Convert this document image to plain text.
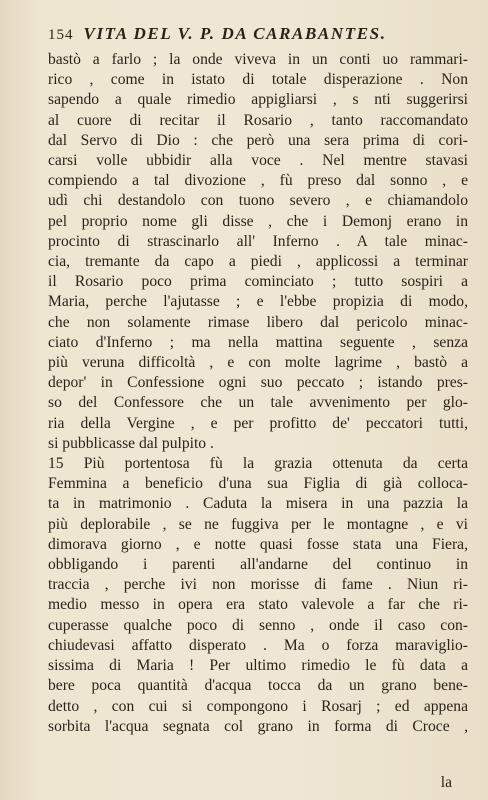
154 VITA DEL V. P. DA CARABANTES.
bastò a farlo ; la onde viveva in un conti uo rammari-
rico , come in istato di totale disperazione . Non
sapendo a quale rimedio appigliarsi , s nti suggerirsi
al cuore di recitar il Rosario , tanto raccomandato
dal Servo di Dio : che però una sera prima di cori-
carsi volle ubbidir alla voce . Nel mentre stavasi
compiendo a tal divozione , fù preso dal sonno , e
udì chi destandolo con tuono severo , e chiamandolo
pel proprio nome gli disse , che i Demonj erano in
procinto di strascinarlo all' Inferno . A tale minac-
cia, tremante da capo a piedi , applicossi a terminar
il Rosario poco prima cominciato ; tutto sospiri a
Maria, perche l'ajutasse ; e l'ebbe propizia di modo,
che non solamente rimase libero dal pericolo minac-
ciato d'Inferno ; ma nella mattina seguente , senza
più veruna difficoltà , e con molte lagrime , bastò a
depor' in Confessione ogni suo peccato ; istando pres-
so del Confessore che un tale avvenimento per glo-
ria della Vergine , e per profitto de' peccatori tutti,
si pubblicasse dal pulpito .
15 Più portentosa fù la grazia ottenuta da certa
Femmina a beneficio d'una sua Figlia di già colloca-
ta in matrimonio . Caduta la misera in una pazzia la
più deplorabile , se ne fuggiva per le montagne , e vi
dimorava giorno , e notte quasi fosse stata una Fiera,
obbligando i parenti all'andarne del continuo in
traccia , perche ivi non morisse di fame . Niun ri-
medio messo in opera era stato valevole a far che ri-
cuperasse qualche poco di senno , onde il caso con-
chiudevasi affatto disperato . Ma o forza maraviglio-
sissima di Maria ! Per ultimo rimedio le fù data a
bere poca quantità d'acqua tocca da un grano bene-
detto , con cui si compongono i Rosarj ; ed appena
sorbita l'acqua segnata col grano in forma di Croce ,
la
